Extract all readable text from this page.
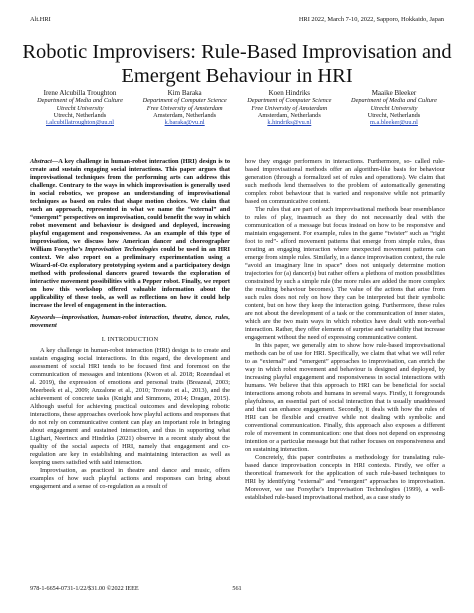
Alt.HRI	HRI 2022, March 7-10, 2022, Sapporo, Hokkaido, Japan
Robotic Improvisers: Rule-Based Improvisation and Emergent Behaviour in HRI
Irene Alcubilla Troughton
Department of Media and Culture
Utrecht University
Utrecht, Netherlands
i.alcubillatroughton@uu.nl
Kim Baraka
Department of Computer Science
Free University of Amsterdam
Amsterdam, Netherlands
k.baraka@vu.nl
Koen Hindriks
Department of Computer Science
Free University of Amsterdam
Amsterdam, Netherlands
k.hindriks@vu.nl
Maaike Bleeker
Department of Media and Culture
Utrecht University
Utrecht, Netherlands
m.a.bleeker@uu.nl

Abstract—A key challenge in human-robot interaction (HRI) design is to create and sustain engaging social interactions. This paper argues that improvisational techniques from the performing arts can address this challenge. Contrary to the ways in which improvisation is generally used in social robotics, we propose an understanding of improvisational techniques as based on rules that shape motion choices. We claim that such an approach, represented in what we name the “external” and “emergent” perspectives on improvisation, could benefit the way in which robot movement and behaviour is designed and deployed, increasing playful engagement and responsiveness. As an example of this type of improvisation, we discuss how American dancer and choreographer William Forsythe’s Improvisation Technologies could be used in an HRI context. We also report on a preliminary experimentation using a Wizard-of-Oz exploratory prototyping system and a participatory design method with professional dancers geared towards the exploration of interactive movement possibilities with a Pepper robot. Finally, we report on how this workshop offered valuable information about the applicability of these tools, as well as reflections on how it could help increase the level of engagement in the interaction.

Keywords—improvisation, human-robot interaction, theatre, dance, rules, movement

I. INTRODUCTION

A key challenge in human-robot interaction (HRI) design is to create and sustain engaging social interactions. In this regard, the development and assessment of social HRI tends to be focused first and foremost on the communication of messages and intentions (Kwon et al. 2018; Rozendaal et al. 2019), the expression of emotions and personal traits (Breazeal, 2003; Meerbeek et al., 2009; Anzalone et al., 2010; Trovato et al., 2013), and the achievement of concrete tasks (Knight and Simmons, 2014; Dragan, 2015). Although useful for achieving practical outcomes and developing robotic interactions, these approaches overlook how playful actions and responses that do not rely on communicative content can play an important role in bringing about engagement and sustained interaction, and thus in supporting what Ligthart, Neerincx and Hindriks (2021) observe in a recent study about the quality of the social aspects of HRI, namely that engagement and co-regulation are key in establishing and maintaining interaction as well as keeping users satisfied with said interaction.

Improvisation, as practiced in theatre and dance and music, offers examples of how such playful actions and responses can bring about engagement and a sense of co-regulation as a result of

how they engage performers in interactions. Furthermore, so- called rule-based improvisational methods offer an algorithm-like basis for behaviour generation (through a formalized set of rules and operations). We claim that such methods lend themselves to the problem of automatically generating complex robot behaviour that is varied and responsive while not primarily based on communicative content.

The rules that are part of such improvisational methods bear resemblance to rules of play, inasmuch as they do not necessarily deal with the communication of a message but focus instead on how to be responsive and maintain engagement. For example, rules in the game “twister” such as “right foot to red”- afford movement patterns that emerge from simple rules, thus creating an engaging interaction where unexpected movement patterns can emerge from simple rules. Similarly, in a dance improvisation context, the rule “avoid an imaginary line in space” does not uniquely determine motion trajectories for (a) dancer(s) but rather offers a plethora of motion possibilities constrained by such a simple rule (the more rules are added the more complex the resulting behaviour becomes). The value of the actions that arise from such rules does not rely on how they can be interpreted but their symbolic content, but on how they keep the interaction going. Furthermore, these rules are not about the development of a task or the communication of inner states, which are the two main ways in which robotics have dealt with non-verbal interaction. Rather, they offer elements of surprise and variability that increase engagement without the need of expressing communicative content.

In this paper, we generally aim to show how rule-based improvisational methods can be of use for HRI. Specifically, we claim that what we will refer to as “external” and “emergent” approaches to improvisation, can enrich the way in which robot movement and behaviour is designed and deployed, by increasing playful engagement and responsiveness in social interactions with humans. We believe that this approach to HRI can be beneficial for social interactions among robots and humans in several ways. Firstly, it foregrounds playfulness, an essential part of social interaction that is usually unaddressed and that can enhance engagement. Secondly, it deals with how the rules of HRI can be flexible and creative while not dealing with symbolic and conventional communication. Finally, this approach also exposes a different role of movement in communication: one that does not depend on expressing intention or a particular message but that rather focuses on responsiveness and on sustaining interaction.

Concretely, this paper contributes a methodology for translating rule-based dance improvisation concepts in HRI contexts. Firstly, we offer a theoretical framework for the application of such rule-based techniques to HRI by identifying “external” and “emergent” approaches to improvisation. Moreover, we use Forsythe’s Improvisation Technologies (1999), a well-established rule-based improvisational method, as a case study to

978-1-6654-0731-1/22/$31.00 ©2022 IEEE	561
